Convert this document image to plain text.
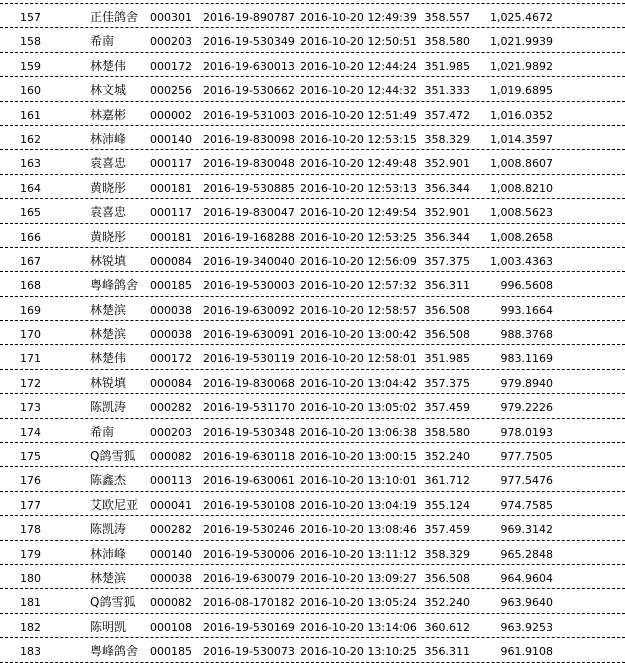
157	正佳鸽舍 000301 2016-19-890787 2016-10-20 12:49:39 358.557 1,025.4672
158	希南	000203 2016-19-530349 2016-10-20 12:50:51 358.580 1,021.9939
159	林楚伟 000172 2016-19-630013 2016-10-20 12:44:24 351.985 1,021.9892
160	林文城 000256 2016-19-530662 2016-10-20 12:44:32 351.333 1,019.6895
161	林嘉彬 000002 2016-19-531003 2016-10-20 12:51:49 357.472 1,016.0352
162	林沛峰 000140 2016-19-830098 2016-10-20 12:53:15 358.329 1,014.3597
163	袁喜忠 000117 2016-19-830048 2016-10-20 12:49:48 352.901 1,008.8607
164	黄晓彤 000181 2016-19-530885 2016-10-20 12:53:13 356.344 1,008.8210
165	袁喜忠 000117 2016-19-830047 2016-10-20 12:49:54 352.901 1,008.5623
166	黄晓彤 000181 2016-19-168288 2016-10-20 12:53:25 356.344 1,008.2658
167	林锐填 000084 2016-19-340040 2016-10-20 12:56:09 357.375 1,003.4363
168	粤峰鸽舍 000185 2016-19-530003 2016-10-20 12:57:32 356.311	996.5608
169	林楚滨 000038 2016-19-630092 2016-10-20 12:58:57 356.508	993.1664
170	林楚滨 000038 2016-19-630091 2016-10-20 13:00:42 356.508	988.3768
171	林楚伟 000172 2016-19-530119 2016-10-20 12:58:01 351.985	983.1169
172	林锐填 000084 2016-19-830068 2016-10-20 13:04:42 357.375	979.8940
173	陈凯涛 000282 2016-19-531170 2016-10-20 13:05:02 357.459	979.2226
174	希南	000203 2016-19-530348 2016-10-20 13:06:38 358.580	978.0193
175	Q鸽雪狐 000082 2016-19-630118 2016-10-20 13:00:15 352.240	977.7505
176	陈鑫杰 000113 2016-19-630061 2016-10-20 13:10:01 361.712	977.5476
177	艾欧尼亚 000041 2016-19-530108 2016-10-20 13:04:19 355.124	974.7585
178	陈凯涛 000282 2016-19-530246 2016-10-20 13:08:46 357.459	969.3142
179	林沛峰 000140 2016-19-530006 2016-10-20 13:11:12 358.329	965.2848
180	林楚滨 000038 2016-19-630079 2016-10-20 13:09:27 356.508	964.9604
181	Q鸽雪狐 000082 2016-08-170182 2016-10-20 13:05:24 352.240	963.9640
182	陈明凯 000108 2016-19-530169 2016-10-20 13:14:06 360.612	963.9253
183	粤峰鸽舍 000185 2016-19-530073 2016-10-20 13:10:25 356.311	961.9108
